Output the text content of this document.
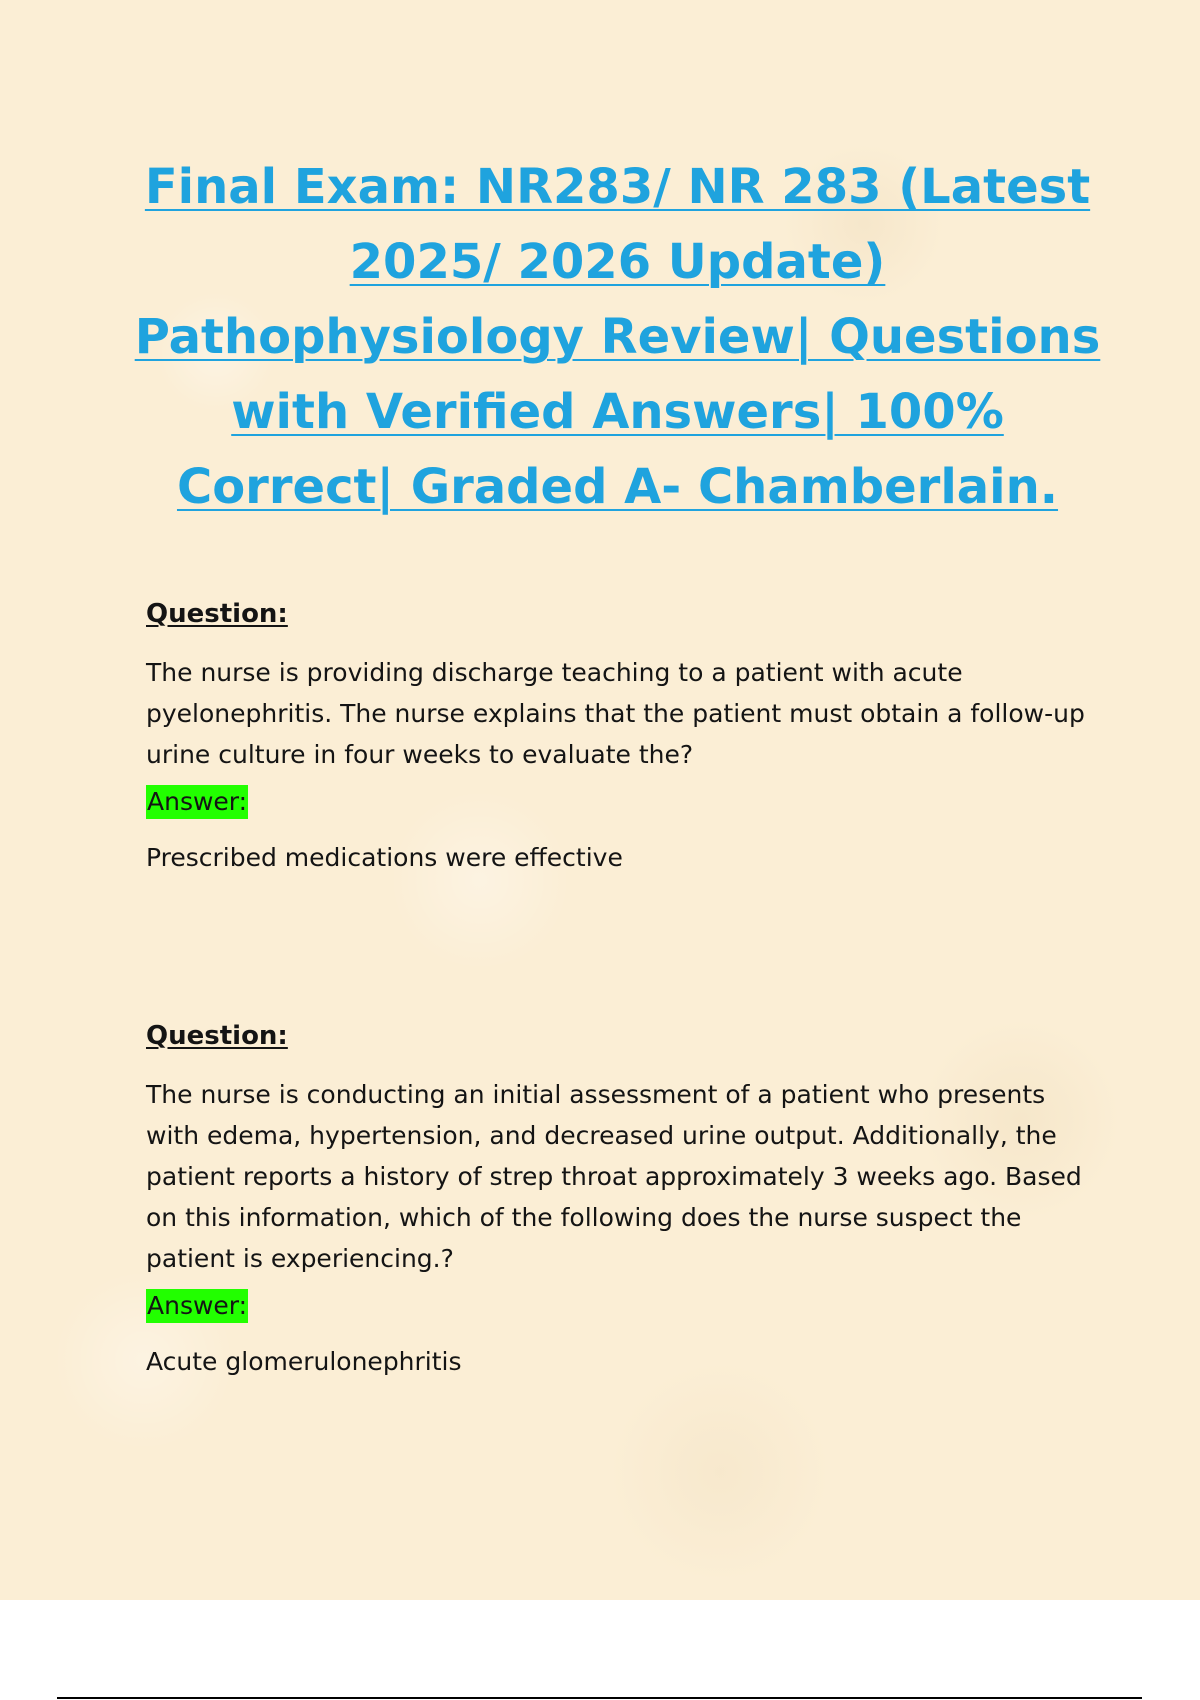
Final Exam: NR283/ NR 283 (Latest 2025/ 2026 Update) Pathophysiology Review| Questions with Verified Answers| 100% Correct| Graded A- Chamberlain.

Question:

The nurse is providing discharge teaching to a patient with acute pyelonephritis. The nurse explains that the patient must obtain a follow-up urine culture in four weeks to evaluate the?

Answer:

Prescribed medications were effective

Question:

The nurse is conducting an initial assessment of a patient who presents with edema, hypertension, and decreased urine output. Additionally, the patient reports a history of strep throat approximately 3 weeks ago. Based on this information, which of the following does the nurse suspect the patient is experiencing.?

Answer:

Acute glomerulonephritis
